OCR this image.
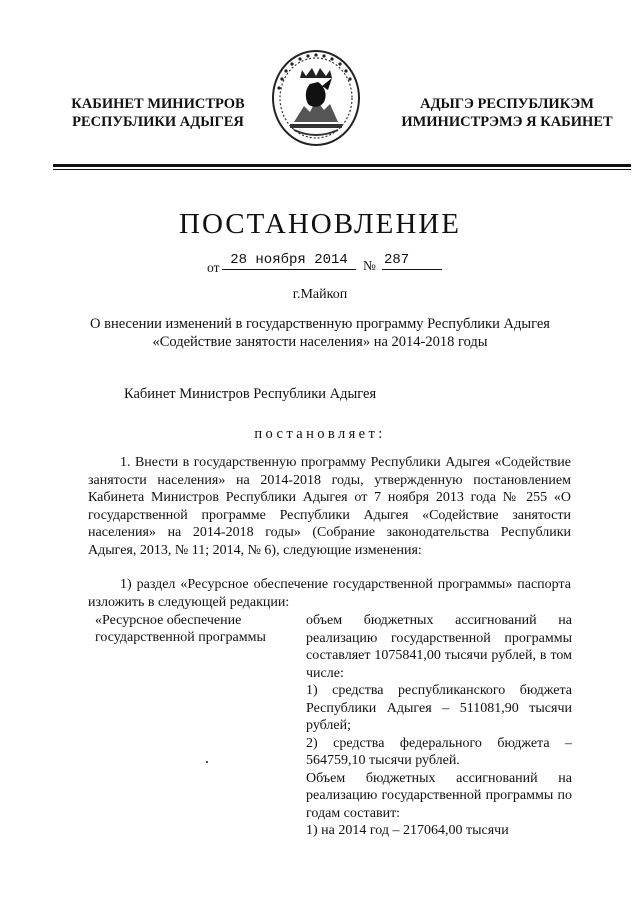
КАБИНЕТ МИНИСТРОВ
РЕСПУБЛИКИ АДЫГЕЯ
АДЫГЭ РЕСПУБЛИКЭМ
ИМИНИСТРЭМЭ Я КАБИНЕТ
ПОСТАНОВЛЕНИЕ
от 28 ноября 2014	№ 287
г.Майкоп
О внесении изменений в государственную программу Республики Адыгея
«Содействие занятости населения» на 2014-2018 годы
Кабинет Министров Республики Адыгея
постановляет:
1. Внести в государственную программу Республики Адыгея «Содействие занятости населения» на 2014-2018 годы, утвержденную постановлением Кабинета Министров Республики Адыгея от 7 ноября 2013 года № 255 «О государственной программе Республики Адыгея «Содействие занятости населения» на 2014-2018 годы» (Собрание законодательства Республики Адыгея, 2013, № 11; 2014, № 6), следующие изменения:
1) раздел «Ресурсное обеспечение государственной программы» паспорта изложить в следующей редакции:
«Ресурсное обеспечение
государственной программы

объем бюджетных ассигнований на реализацию государственной программы составляет 1075841,00 тысячи рублей, в том числе:

1) средства республиканского бюджета Республики Адыгея – 511081,90 тысячи рублей;

2) средства федерального бюджета – 564759,10 тысячи рублей.

Объем бюджетных ассигнований на реализацию государственной программы по годам составит:

1) на 2014 год – 217064,00 тысячи
